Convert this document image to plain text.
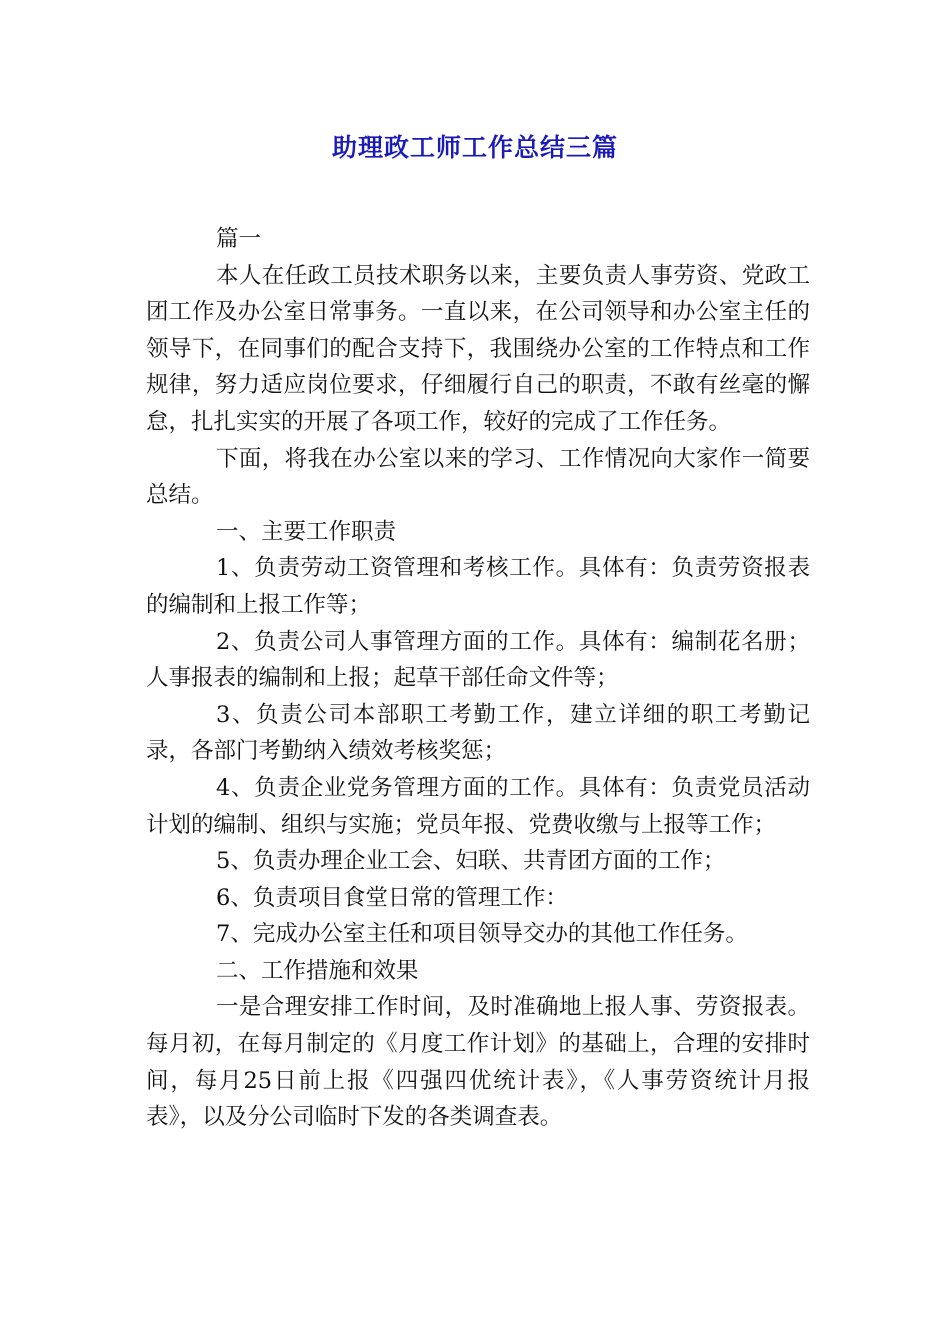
助理政工师工作总结三篇

篇一

本人在任政工员技术职务以来，主要负责人事劳资、党政工团工作及办公室日常事务。一直以来，在公司领导和办公室主任的领导下，在同事们的配合支持下，我围绕办公室的工作特点和工作规律，努力适应岗位要求，仔细履行自己的职责，不敢有丝毫的懈怠，扎扎实实的开展了各项工作，较好的完成了工作任务。

下面，将我在办公室以来的学习、工作情况向大家作一简要总结。

一、主要工作职责

1、负责劳动工资管理和考核工作。具体有：负责劳资报表的编制和上报工作等；

2、负责公司人事管理方面的工作。具体有：编制花名册；人事报表的编制和上报；起草干部任命文件等；

3、负责公司本部职工考勤工作，建立详细的职工考勤记录，各部门考勤纳入绩效考核奖惩；

4、负责企业党务管理方面的工作。具体有：负责党员活动计划的编制、组织与实施；党员年报、党费收缴与上报等工作；

5、负责办理企业工会、妇联、共青团方面的工作；

6、负责项目食堂日常的管理工作：

7、完成办公室主任和项目领导交办的其他工作任务。

二、工作措施和效果

一是合理安排工作时间，及时准确地上报人事、劳资报表。每月初，在每月制定的《月度工作计划》的基础上，合理的安排时间，每月25日前上报《四强四优统计表》，《人事劳资统计月报表》，以及分公司临时下发的各类调查表。
